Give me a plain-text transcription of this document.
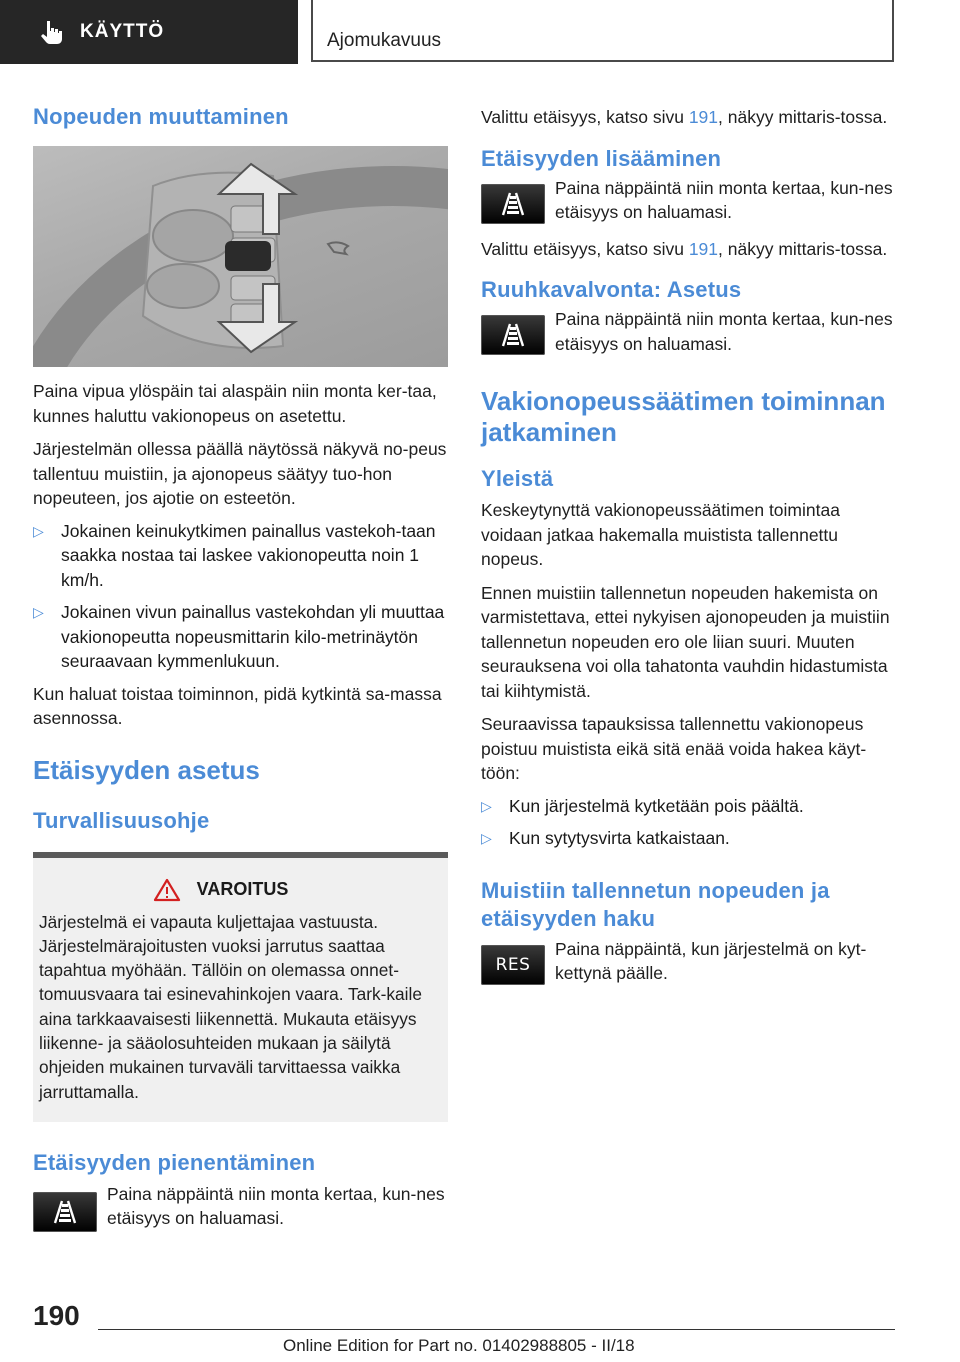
KÄYTTÖ	Ajomukavuus
Nopeuden muuttaminen

Paina vipua ylöspäin tai alaspäin niin monta ker-taa, kunnes haluttu vakionopeus on asetettu.

Järjestelmän ollessa päällä näytössä näkyvä no-peus tallentuu muistiin, ja ajonopeus säätyy tuo-hon nopeuteen, jos ajotie on esteetön.

▷ Jokainen keinukytkimen painallus vastekoh-taan saakka nostaa tai laskee vakionopeutta noin 1 km/h.
▷ Jokainen vivun painallus vastekohdan yli muuttaa vakionopeutta nopeusmittarin kilo-metrinäytön seuraavaan kymmenlukuun.

Kun haluat toistaa toiminnon, pidä kytkintä sa-massa asennossa.

Etäisyyden asetus
Turvallisuusohje
VAROITUS

Järjestelmä ei vapauta kuljettajaa vastuusta. Järjestelmärajoitusten vuoksi jarrutus saattaa tapahtua myöhään. Tällöin on olemassa onnet-tomuusvaara tai esinevahinkojen vaara. Tark-kaile aina tarkkaavaisesti liikennettä. Mukauta etäisyys liikenne- ja sääolosuhteiden mukaan ja säilytä ohjeiden mukainen turvaväli tarvittaessa vaikka jarruttamalla.

Etäisyyden pienentäminen

Paina näppäintä niin monta kertaa, kun-nes etäisyys on haluamasi.

Valittu etäisyys, katso sivu 191, näkyy mittaris-tossa.

Etäisyyden lisääminen

Paina näppäintä niin monta kertaa, kun-nes etäisyys on haluamasi.

Valittu etäisyys, katso sivu 191, näkyy mittaris-tossa.

Ruuhkavalvonta: Asetus

Paina näppäintä niin monta kertaa, kun-nes etäisyys on haluamasi.

Vakionopeussäätimen toiminnan jatkaminen
Yleistä

Keskeytynyttä vakionopeussäätimen toimintaa voidaan jatkaa hakemalla muistista tallennettu nopeus.

Ennen muistiin tallennetun nopeuden hakemista on varmistettava, ettei nykyisen ajonopeuden ja muistiin tallennetun nopeuden ero ole liian suuri. Muuten seurauksena voi olla tahatonta vauhdin hidastumista tai kiihtymistä.

Seuraavissa tapauksissa tallennettu vakionopeus poistuu muistista eikä sitä enää voida hakea käyt-töön:

▷ Kun järjestelmä kytketään pois päältä.
▷ Kun sytytysvirta katkaistaan.
Muistiin tallennetun nopeuden ja etäisyyden haku
RES

Paina näppäintä, kun järjestelmä on kyt-kettynä päälle.

190
Online Edition for Part no. 01402988805 - II/18
